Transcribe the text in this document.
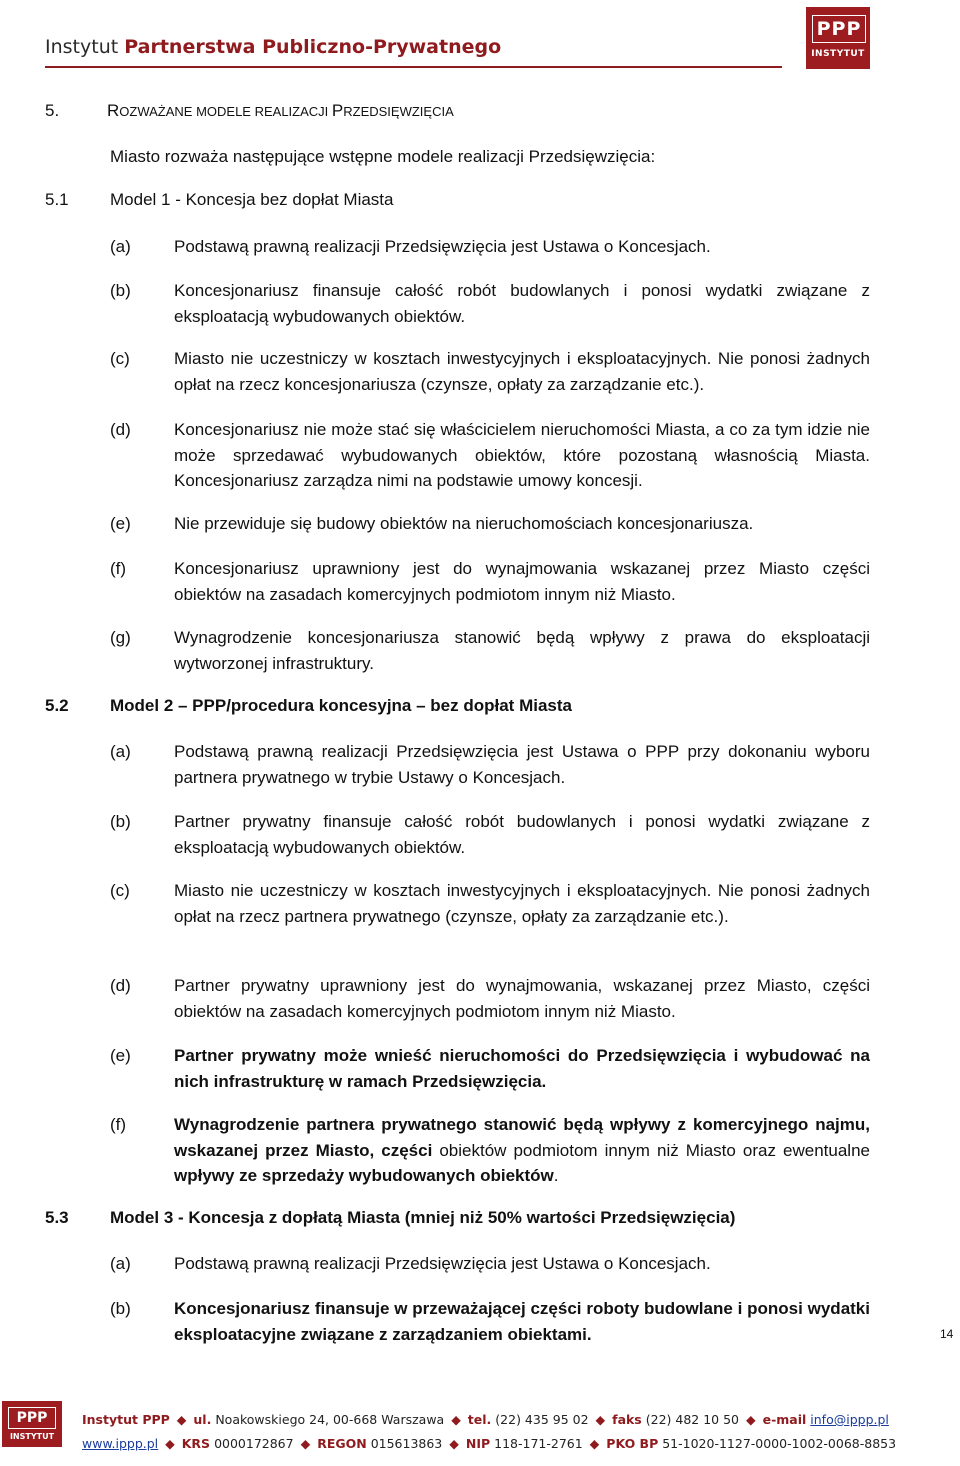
Instytut Partnerstwa Publiczno-Prywatnego
PPP
INSTYTUT
5.	ROZWAŻANE MODELE REALIZACJI PRZEDSIĘWZIĘCIA
Miasto rozważa następujące wstępne modele realizacji Przedsięwzięcia:
5.1 Model 1 - Koncesja bez dopłat Miasta
(a)	Podstawą prawną realizacji Przedsięwzięcia jest Ustawa o Koncesjach.
(b)	Koncesjonariusz finansuje całość robót budowlanych i ponosi wydatki związane z eksploatacją wybudowanych obiektów.
(c)	Miasto nie uczestniczy w kosztach inwestycyjnych i eksploatacyjnych. Nie ponosi żadnych opłat na rzecz koncesjonariusza (czynsze, opłaty za zarządzanie etc.).
(d)	Koncesjonariusz nie może stać się właścicielem nieruchomości Miasta, a co za tym idzie nie może sprzedawać wybudowanych obiektów, które pozostaną własnością Miasta. Koncesjonariusz zarządza nimi na podstawie umowy koncesji.
(e)	Nie przewiduje się budowy obiektów na nieruchomościach koncesjonariusza.
(f)	Koncesjonariusz uprawniony jest do wynajmowania wskazanej przez Miasto części obiektów na zasadach komercyjnych podmiotom innym niż Miasto.
(g)	Wynagrodzenie koncesjonariusza stanowić będą wpływy z prawa do eksploatacji wytworzonej infrastruktury.
5.2 Model 2 – PPP/procedura koncesyjna – bez dopłat Miasta
(a)	Podstawą prawną realizacji Przedsięwzięcia jest Ustawa o PPP przy dokonaniu wyboru partnera prywatnego w trybie Ustawy o Koncesjach.
(b)	Partner prywatny finansuje całość robót budowlanych i ponosi wydatki związane z eksploatacją wybudowanych obiektów.
(c)	Miasto nie uczestniczy w kosztach inwestycyjnych i eksploatacyjnych. Nie ponosi żadnych opłat na rzecz partnera prywatnego (czynsze, opłaty za zarządzanie etc.).
(d)	Partner prywatny uprawniony jest do wynajmowania, wskazanej przez Miasto, części obiektów na zasadach komercyjnych podmiotom innym niż Miasto.
(e)	Partner prywatny może wnieść nieruchomości do Przedsięwzięcia i wybudować na nich infrastrukturę w ramach Przedsięwzięcia.
(f)	Wynagrodzenie partnera prywatnego stanowić będą wpływy z komercyjnego najmu, wskazanej przez Miasto, części obiektów podmiotom innym niż Miasto oraz ewentualne wpływy ze sprzedaży wybudowanych obiektów.
5.3 Model 3 - Koncesja z dopłatą Miasta (mniej niż 50% wartości Przedsięwzięcia)
(a)	Podstawą prawną realizacji Przedsięwzięcia jest Ustawa o Koncesjach.
(b)	Koncesjonariusz finansuje w przeważającej części roboty budowlane i ponosi wydatki eksploatacyjne związane z zarządzaniem obiektami.	14
PPP
INSTYTUT
Instytut PPP ◆ ul. Noakowskiego 24, 00-668 Warszawa ◆ tel. (22) 435 95 02 ◆ faks (22) 482 10 50 ◆ e-mail info@ippp.pl
www.ippp.pl ◆ KRS 0000172867 ◆ REGON 015613863 ◆ NIP 118-171-2761 ◆ PKO BP 51-1020-1127-0000-1002-0068-8853
